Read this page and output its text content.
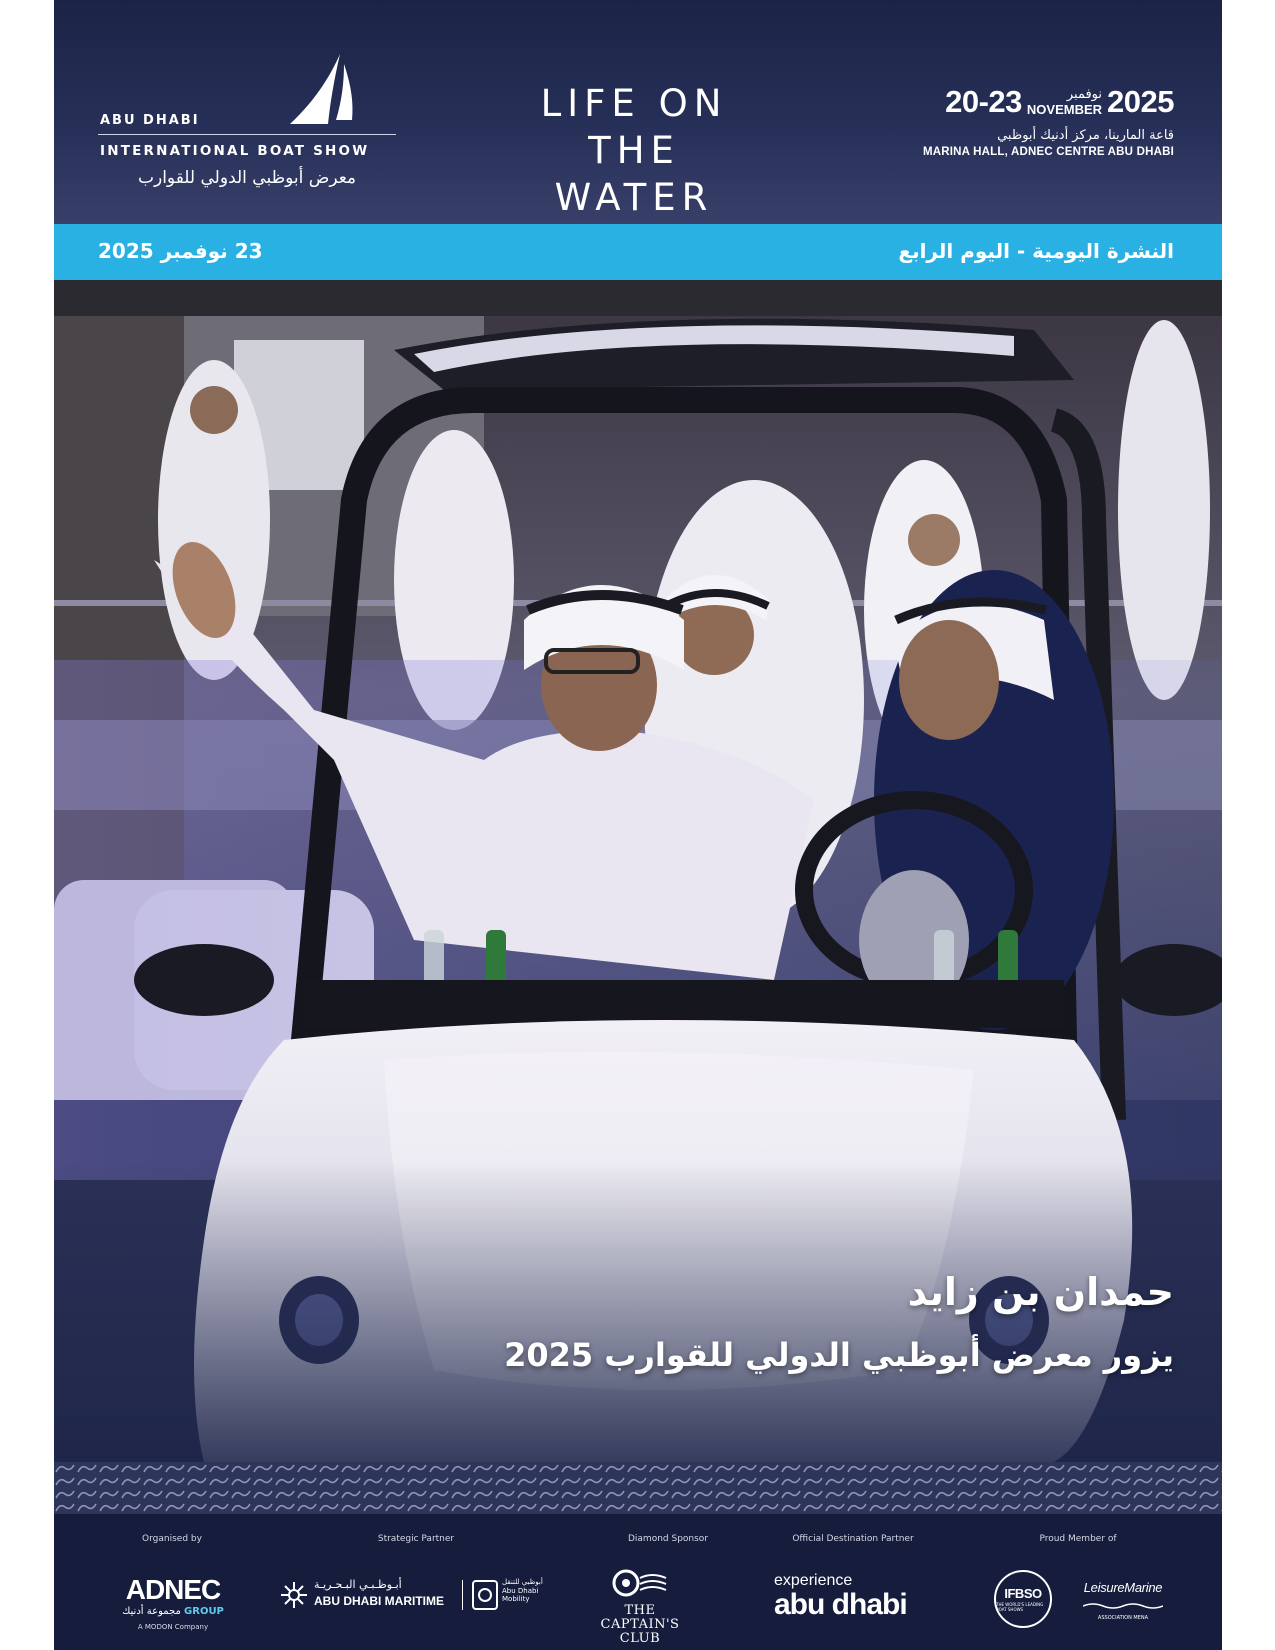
ABU DHABI
INTERNATIONAL BOAT SHOW
معرض أبوظبي الدولي للقوارب
LIFE ON
THE WATER
20-23	نوفمبر
NOVEMBER 2025
قاعة المارينا، مركز أدنيك أبوظبي
MARINA HALL, ADNEC CENTRE ABU DHABI
23 نوفمبر 2025	النشرة اليومية - اليوم الرابع
حمدان بن زايد
يزور معرض أبوظبي الدولي للقوارب 2025
Organised by	Strategic Partner	Diamond Sponsor	Official Destination Partner	Proud Member of
ADNEC
مجموعة أدنيك GROUP
A MODON Company
أبـوظـبـي البـحـريـة
ABU DHABI MARITIME
أبوظبي للتنقل
Abu Dhabi
Mobility
THE
CAPTAIN'S
CLUB
experience
abu dhabi	IFBSO
THE WORLD'S LEADING BOAT SHOWS
LeisureMarine
ASSOCIATION MENA
